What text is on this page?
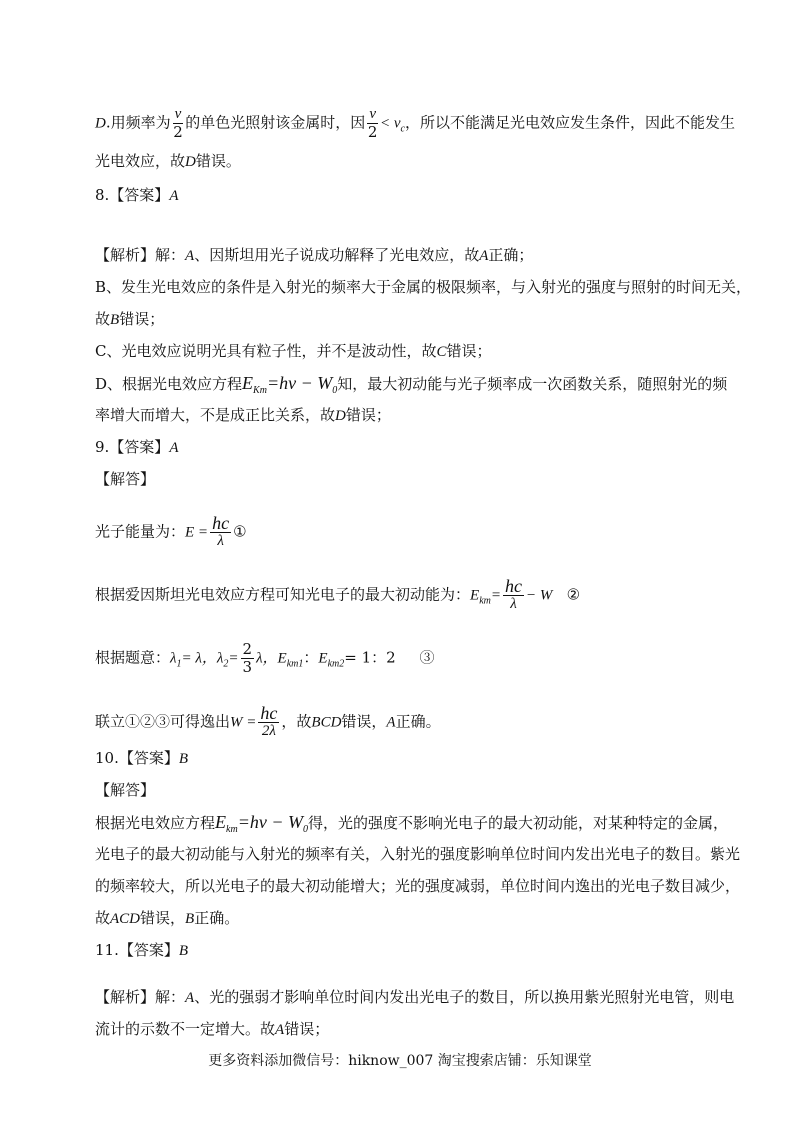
D.用频率为 $\frac{v}{2}$ 的单色光照射该金属时，因 $\frac{v}{2} < v_c$，所以不能满足光电效应发生条件，因此不能发生
光电效应，故D错误。
8.【答案】A
【解析】解：A、因斯坦用光子说成功解释了光电效应，故A正确；
B、发生光电效应的条件是入射光的频率大于金属的极限频率，与入射光的强度与照射的时间无关，
故B错误；
C、光电效应说明光具有粒子性，并不是波动性，故C错误；
D、根据光电效应方程$E_{Km}=h\nu - W_0$知，最大初动能与光子频率成一次函数关系，随照射光的频
率增大而增大，不是成正比关系，故D错误；
9.【答案】A
【解答】
光子能量为：$E = \frac{hc}{\lambda}$ ①
根据爱因斯坦光电效应方程可知光电子的最大初动能为：$E_{km}= \frac{hc}{\lambda} - W$   ②
根据题意：$\lambda_1= \lambda$，$\lambda_2= \frac{2}{3}$ λ，$E_{km1}$：$E_{km2}= 1$：2     ③
联立①②③可得逸出$W = \frac{hc}{2\lambda}$ ，故BCD错误，A正确。
10.【答案】B
【解答】
根据光电效应方程$E_{km}=h\nu - W_0$得，光的强度不影响光电子的最大初动能，对某种特定的金属，
光电子的最大初动能与入射光的频率有关，入射光的强度影响单位时间内发出光电子的数目。紫光
的频率较大，所以光电子的最大初动能增大；光的强度减弱，单位时间内逸出的光电子数目减少，
故ACD错误，B正确。
11.【答案】B
【解析】解：A、光的强弱才影响单位时间内发出光电子的数目，所以换用紫光照射光电管，则电
流计的示数不一定增大。故A错误；
更多资料添加微信号：hiknow_007 淘宝搜索店铺：乐知课堂
